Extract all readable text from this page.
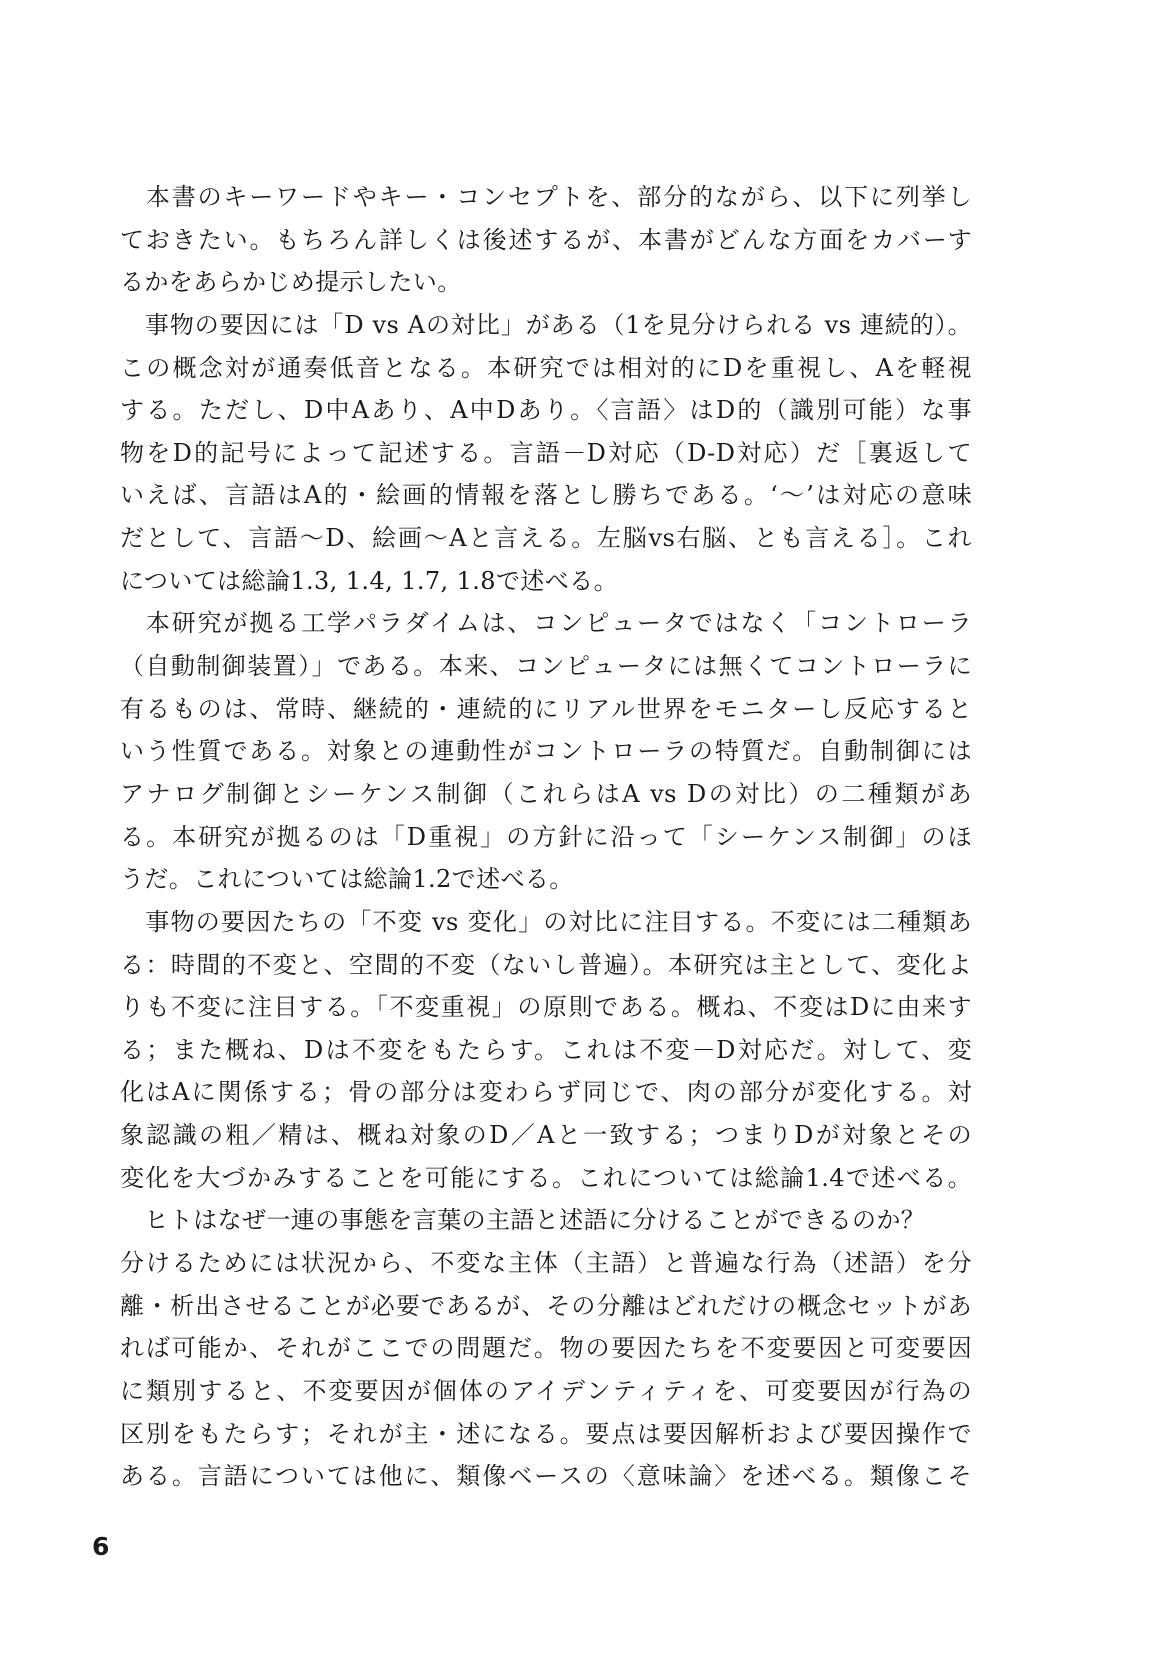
　本書のキーワードやキー・コンセプトを、部分的ながら、以下に列挙し
ておきたい。もちろん詳しくは後述するが、本書がどんな方面をカバーす
るかをあらかじめ提示したい。
　事物の要因には「D vs Aの対比」がある（1を見分けられる vs 連続的）。
この概念対が通奏低音となる。本研究では相対的にDを重視し、Aを軽視
する。ただし、D中Aあり、A中Dあり。〈言語〉はD的（識別可能）な事
物をD的記号によって記述する。言語－D対応（D-D対応）だ［裏返して
いえば、言語はA的・絵画的情報を落とし勝ちである。‘～’は対応の意味
だとして、言語～D、絵画～Aと言える。左脳vs右脳、とも言える］。これ
については総論1.3, 1.4, 1.7, 1.8で述べる。
　本研究が拠る工学パラダイムは、コンピュータではなく「コントローラ
（自動制御装置）」である。本来、コンピュータには無くてコントローラに
有るものは、常時、継続的・連続的にリアル世界をモニターし反応すると
いう性質である。対象との連動性がコントローラの特質だ。自動制御には
アナログ制御とシーケンス制御（これらはA vs Dの対比）の二種類があ
る。本研究が拠るのは「D重視」の方針に沿って「シーケンス制御」のほ
うだ。これについては総論1.2で述べる。
　事物の要因たちの「不変 vs 変化」の対比に注目する。不変には二種類あ
る：時間的不変と、空間的不変（ないし普遍）。本研究は主として、変化よ
りも不変に注目する。「不変重視」の原則である。概ね、不変はDに由来す
る；また概ね、Dは不変をもたらす。これは不変－D対応だ。対して、変
化はAに関係する；骨の部分は変わらず同じで、肉の部分が変化する。対
象認識の粗／精は、概ね対象のD／Aと一致する；つまりDが対象とその
変化を大づかみすることを可能にする。これについては総論1.4で述べる。
　ヒトはなぜ一連の事態を言葉の主語と述語に分けることができるのか？
分けるためには状況から、不変な主体（主語）と普遍な行為（述語）を分
離・析出させることが必要であるが、その分離はどれだけの概念セットがあ
れば可能か、それがここでの問題だ。物の要因たちを不変要因と可変要因
に類別すると、不変要因が個体のアイデンティティを、可変要因が行為の
区別をもたらす；それが主・述になる。要点は要因解析および要因操作で
ある。言語については他に、類像ベースの〈意味論〉を述べる。類像こそ
6
